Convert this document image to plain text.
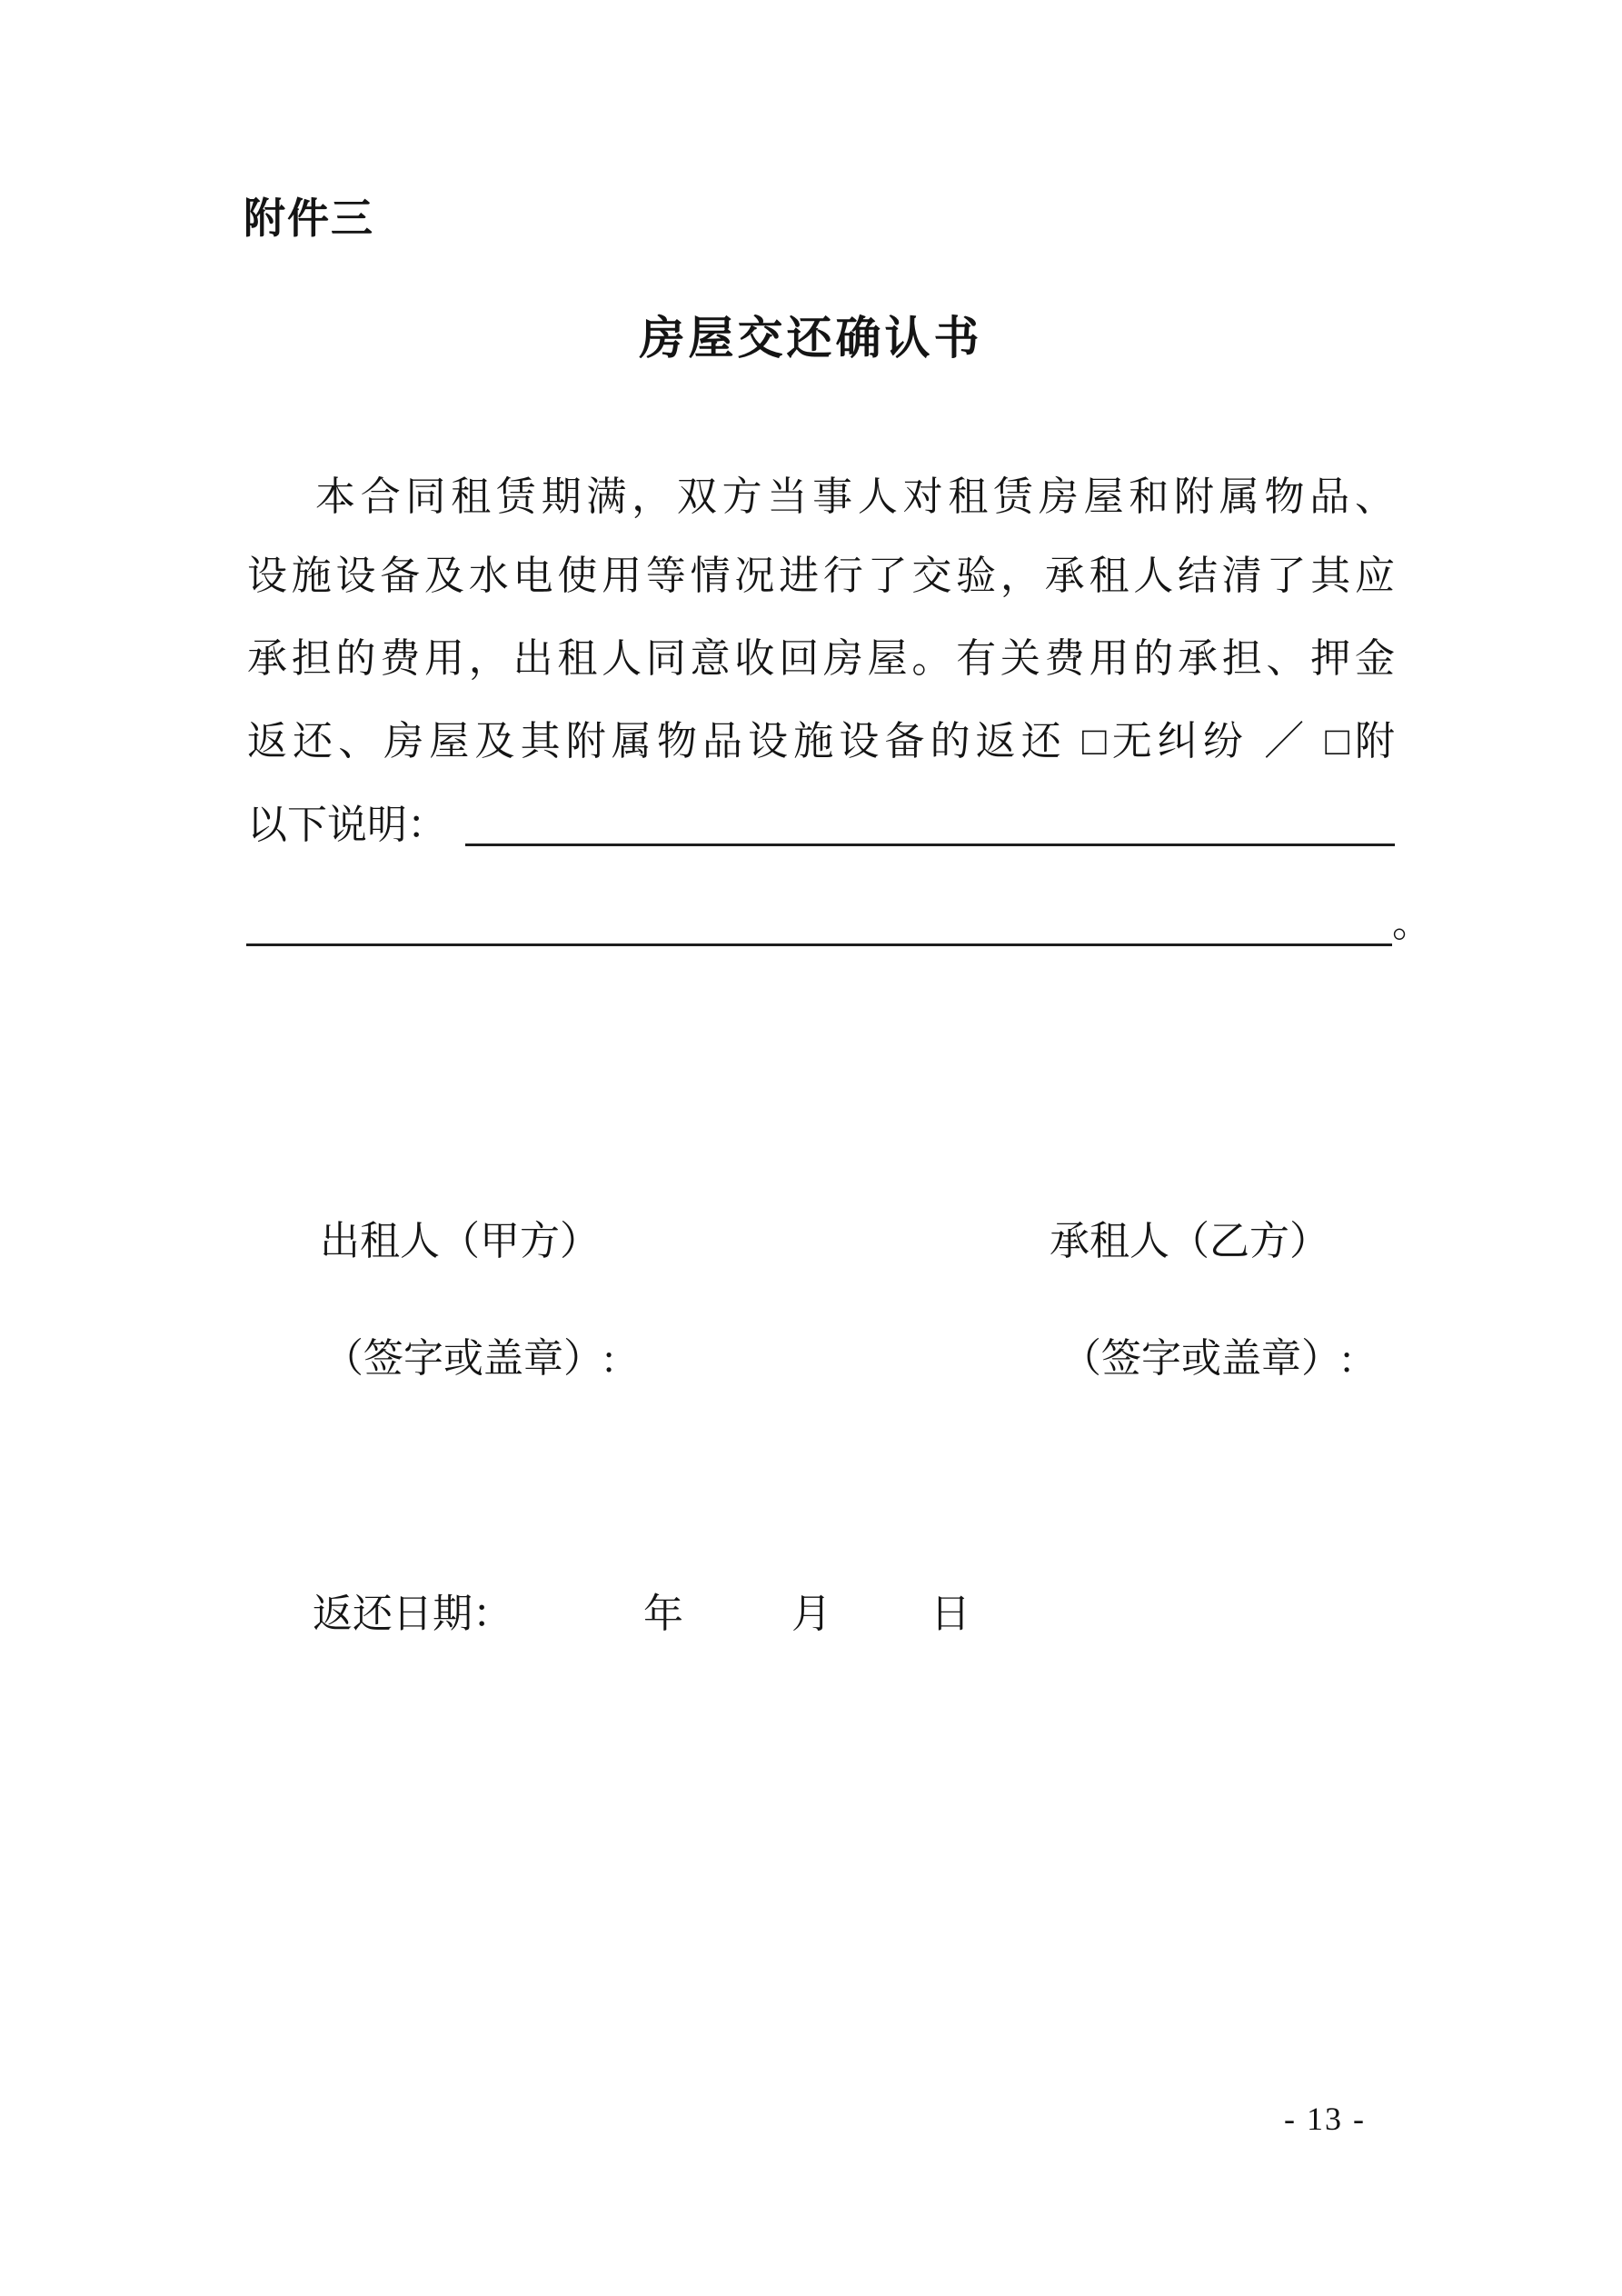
附件三
房屋交还确认书
本合同租赁期满，双方当事人对租赁房屋和附属物品、
设施设备及水电使用等情况进行了交验，承租人结清了其应
承担的费用，出租人同意收回房屋。有关费用的承担、押金
返还、房屋及其附属物品设施设备的返还 □无纠纷 ／ □附
以下说明：
。
出租人（甲方）	承租人（乙方）
（签字或盖章）:	（签字或盖章）:
返还日期：	年	月 日
- 13 -
